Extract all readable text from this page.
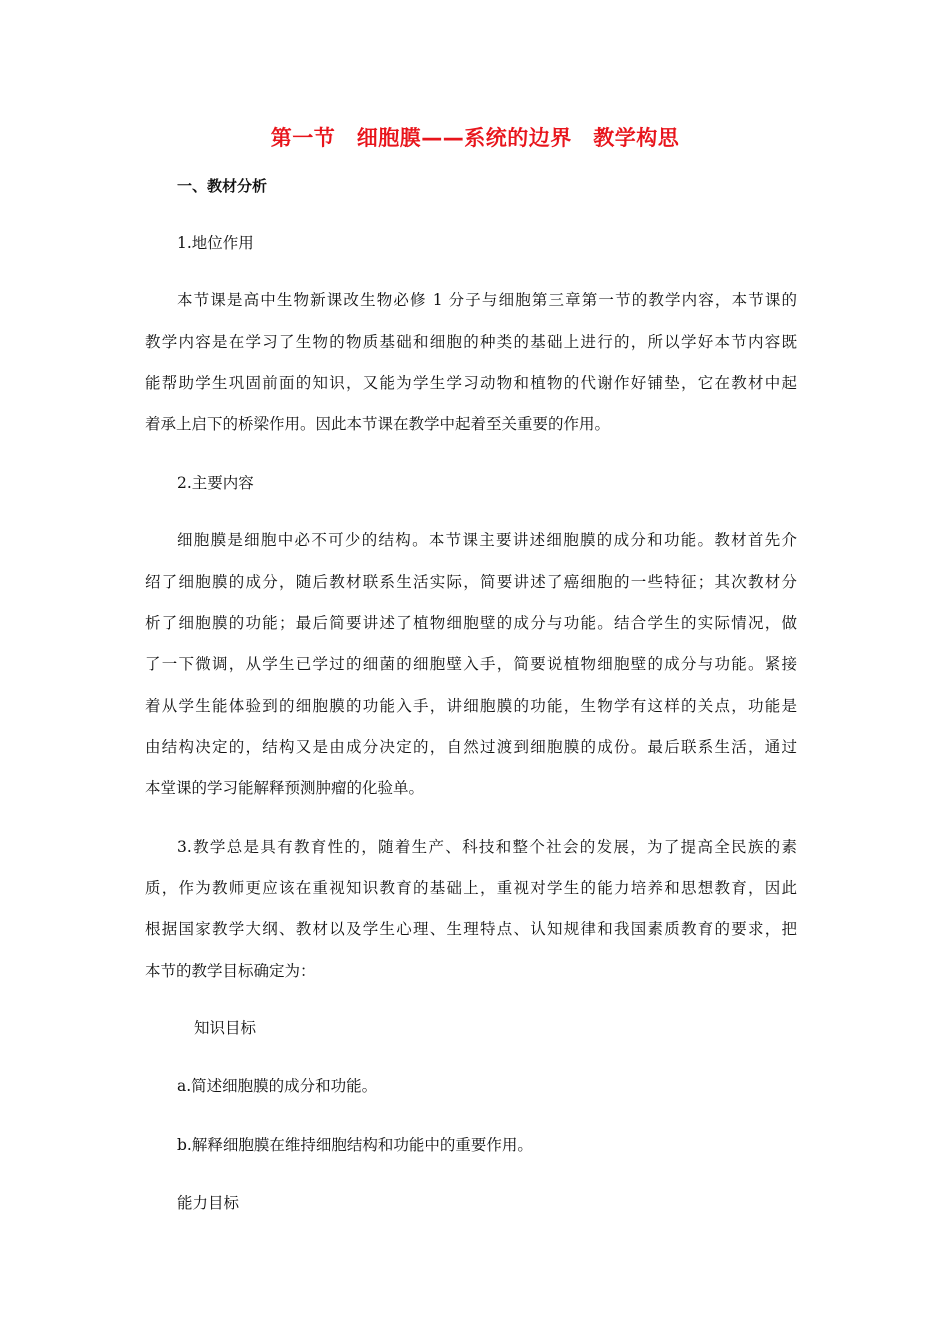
第一节　细胞膜——系统的边界　教学构思
一、教材分析
1.地位作用
本节课是高中生物新课改生物必修 1 分子与细胞第三章第一节的教学内容，本节课的
教学内容是在学习了生物的物质基础和细胞的种类的基础上进行的，所以学好本节内容既
能帮助学生巩固前面的知识，又能为学生学习动物和植物的代谢作好铺垫，它在教材中起
着承上启下的桥梁作用。因此本节课在教学中起着至关重要的作用。
2.主要内容
细胞膜是细胞中必不可少的结构。本节课主要讲述细胞膜的成分和功能。教材首先介
绍了细胞膜的成分，随后教材联系生活实际，简要讲述了癌细胞的一些特征；其次教材分
析了细胞膜的功能；最后简要讲述了植物细胞壁的成分与功能。结合学生的实际情况，做
了一下微调，从学生已学过的细菌的细胞壁入手，简要说植物细胞壁的成分与功能。紧接
着从学生能体验到的细胞膜的功能入手，讲细胞膜的功能，生物学有这样的关点，功能是
由结构决定的，结构又是由成分决定的，自然过渡到细胞膜的成份。最后联系生活，通过
本堂课的学习能解释预测肿瘤的化验单。
3.教学总是具有教育性的，随着生产、科技和整个社会的发展，为了提高全民族的素
质，作为教师更应该在重视知识教育的基础上，重视对学生的能力培养和思想教育，因此
根据国家教学大纲、教材以及学生心理、生理特点、认知规律和我国素质教育的要求，把
本节的教学目标确定为：
知识目标
a.简述细胞膜的成分和功能。
b.解释细胞膜在维持细胞结构和功能中的重要作用。
能力目标
